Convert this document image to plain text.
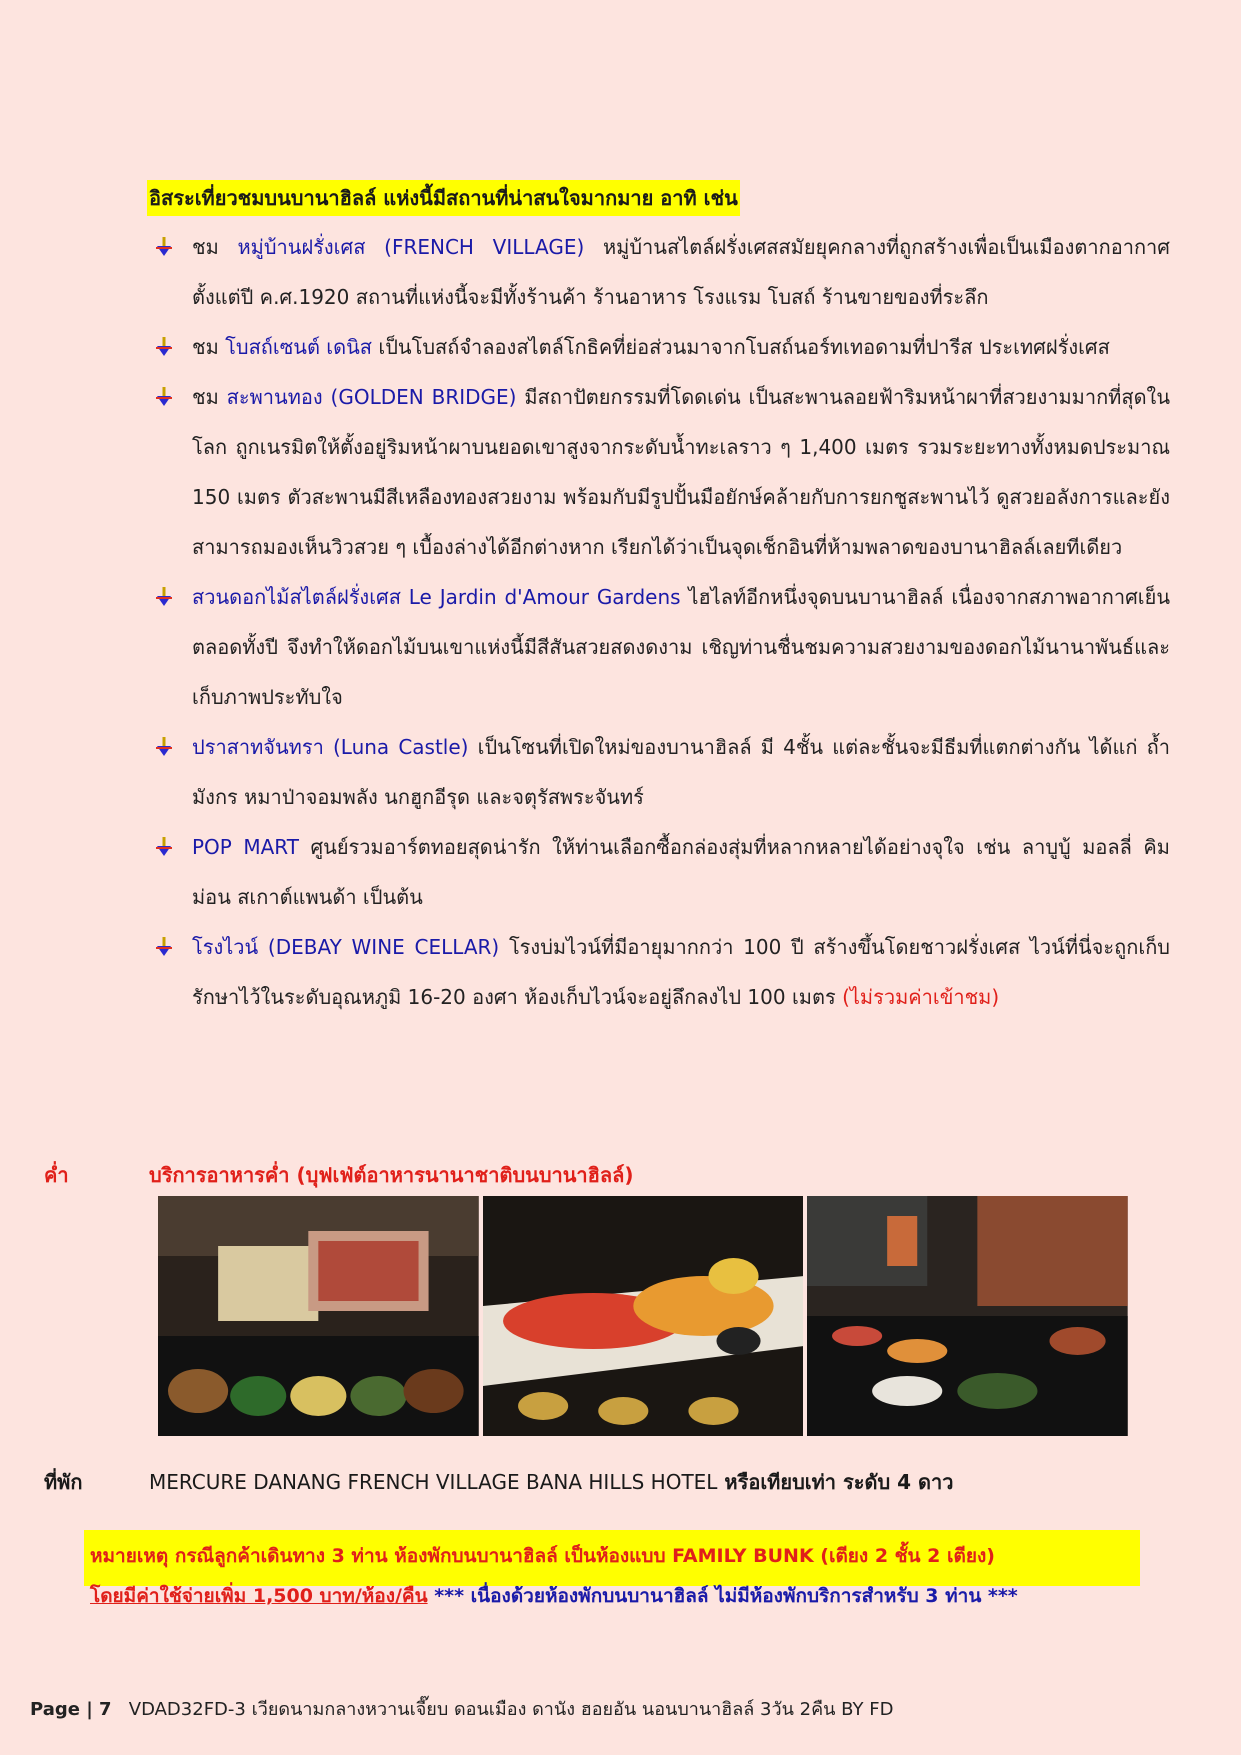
อิสระเที่ยวชมบนบานาฮิลล์ แห่งนี้มีสถานที่น่าสนใจมากมาย อาทิ เช่น
ชม หมู่บ้านฝรั่งเศส (FRENCH VILLAGE) หมู่บ้านสไตล์ฝรั่งเศสสมัยยุคกลางที่ถูกสร้างเพื่อเป็นเมืองตากอากาศ ตั้งแต่ปี ค.ศ.1920 สถานที่แห่งนี้จะมีทั้งร้านค้า ร้านอาหาร โรงแรม โบสถ์ ร้านขายของที่ระลึก
ชม โบสถ์เซนต์ เดนิส เป็นโบสถ์จำลองสไตล์โกธิคที่ย่อส่วนมาจากโบสถ์นอร์ทเทอดามที่ปารีส ประเทศฝรั่งเศส
ชม สะพานทอง (GOLDEN BRIDGE) มีสถาปัตยกรรมที่โดดเด่น เป็นสะพานลอยฟ้าริมหน้าผาที่สวยงามมากที่สุดในโลก ถูกเนรมิตให้ตั้งอยู่ริมหน้าผาบนยอดเขาสูงจากระดับน้ำทะเลราว ๆ 1,400 เมตร รวมระยะทางทั้งหมดประมาณ 150 เมตร ตัวสะพานมีสีเหลืองทองสวยงาม พร้อมกับมีรูปปั้นมือยักษ์คล้ายกับการยกชูสะพานไว้ ดูสวยอลังการและยังสามารถมองเห็นวิวสวย ๆ เบื้องล่างได้อีกต่างหาก เรียกได้ว่าเป็นจุดเช็กอินที่ห้ามพลาดของบานาฮิลล์เลยทีเดียว
สวนดอกไม้สไตล์ฝรั่งเศส Le Jardin d'Amour Gardens ไฮไลท์อีกหนึ่งจุดบนบานาฮิลล์ เนื่องจากสภาพอากาศเย็นตลอดทั้งปี จึงทำให้ดอกไม้บนเขาแห่งนี้มีสีสันสวยสดงดงาม เชิญท่านชื่นชมความสวยงามของดอกไม้นานาพันธ์และเก็บภาพประทับใจ
ปราสาทจันทรา (Luna Castle) เป็นโซนที่เปิดใหม่ของบานาฮิลล์ มี 4ชั้น แต่ละชั้นจะมีธีมที่แตกต่างกัน ได้แก่ ถ้ำมังกร หมาป่าจอมพลัง นกฮูกอีรุด และจตุรัสพระจันทร์
POP MART ศูนย์รวมอาร์ตทอยสุดน่ารัก ให้ท่านเลือกซื้อกล่องสุ่มที่หลากหลายได้อย่างจุใจ เช่น ลาบูบู้ มอลลี่ คิมม่อน สเกาต์แพนด้า เป็นต้น
โรงไวน์ (DEBAY WINE CELLAR) โรงบ่มไวน์ที่มีอายุมากกว่า 100 ปี สร้างขึ้นโดยชาวฝรั่งเศส ไวน์ที่นี่จะถูกเก็บรักษาไว้ในระดับอุณหภูมิ 16-20 องศา ห้องเก็บไวน์จะอยู่ลึกลงไป 100 เมตร (ไม่รวมค่าเข้าชม)
ค่ำ	บริการอาหารค่ำ (บุฟเฟ่ต์อาหารนานาชาติบนบานาฮิลล์)
ที่พัก	MERCURE DANANG FRENCH VILLAGE BANA HILLS HOTEL หรือเทียบเท่า ระดับ 4 ดาว
หมายเหตุ กรณีลูกค้าเดินทาง 3 ท่าน ห้องพักบนบานาฮิลล์ เป็นห้องแบบ FAMILY BUNK (เตียง 2 ชั้น 2 เตียง)
โดยมีค่าใช้จ่ายเพิ่ม 1,500 บาท/ห้อง/คืน *** เนื่องด้วยห้องพักบนบานาฮิลล์ ไม่มีห้องพักบริการสำหรับ 3 ท่าน ***
Page | 7 VDAD32FD-3 เวียดนามกลางหวานเจี๊ยบ ดอนเมือง ดานัง ฮอยอัน นอนบานาฮิลล์ 3วัน 2คืน BY FD
